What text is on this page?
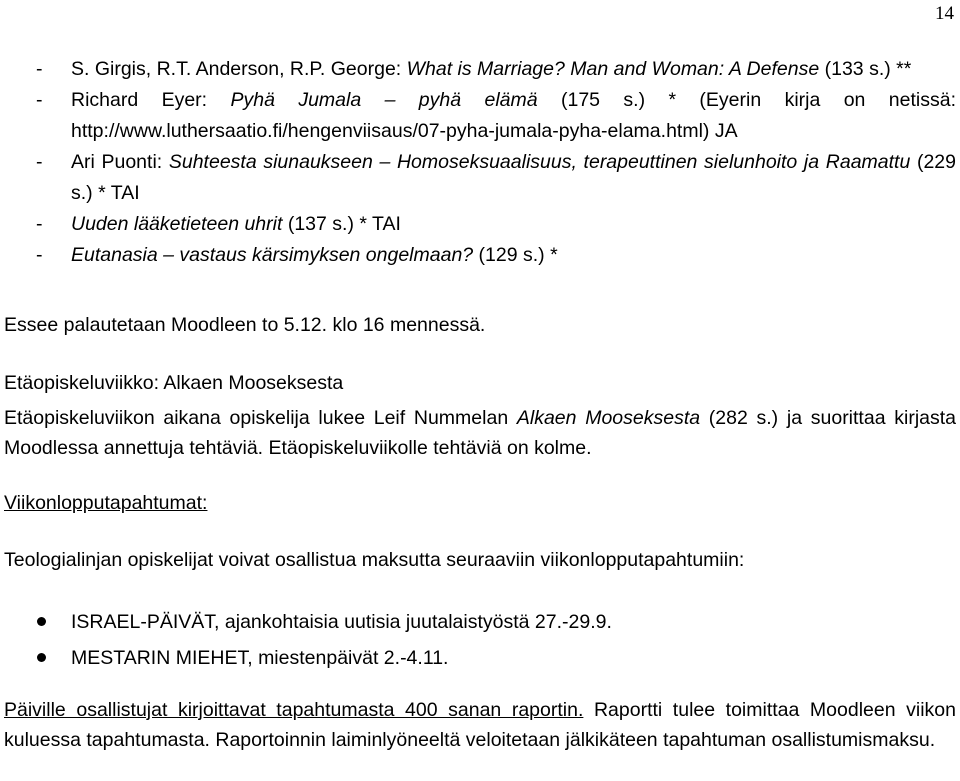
14
- S. Girgis, R.T. Anderson, R.P. George: What is Marriage? Man and Woman: A Defense (133 s.) **
- Richard Eyer: Pyhä Jumala – pyhä elämä (175 s.) * (Eyerin kirja on netissä:
http://www.luthersaatio.fi/hengenviisaus/07-pyha-jumala-pyha-elama.html) JA
- Ari Puonti: Suhteesta siunaukseen – Homoseksuaalisuus, terapeuttinen sielunhoito ja Raamattu (229 s.) * TAI
- Uuden lääketieteen uhrit (137 s.) * TAI
- Eutanasia – vastaus kärsimyksen ongelmaan? (129 s.) *
Essee palautetaan Moodleen to 5.12. klo 16 mennessä.
Etäopiskeluviikko: Alkaen Mooseksesta
Etäopiskeluviikon aikana opiskelija lukee Leif Nummelan Alkaen Mooseksesta (282 s.) ja suorittaa kirjasta Moodlessa annettuja tehtäviä. Etäopiskeluviikolle tehtäviä on kolme.
Viikonlopputapahtumat:
Teologialinjan opiskelijat voivat osallistua maksutta seuraaviin viikonlopputapahtumiin:
ISRAEL-PÄIVÄT, ajankohtaisia uutisia juutalaistyöstä 27.-29.9.
MESTARIN MIEHET, miestenpäivät 2.-4.11.
Päiville osallistujat kirjoittavat tapahtumasta 400 sanan raportin. Raportti tulee toimittaa Moodleen viikon kuluessa tapahtumasta. Raportoinnin laiminlyöneeltä veloitetaan jälkikäteen tapahtuman osallistumismaksu.
